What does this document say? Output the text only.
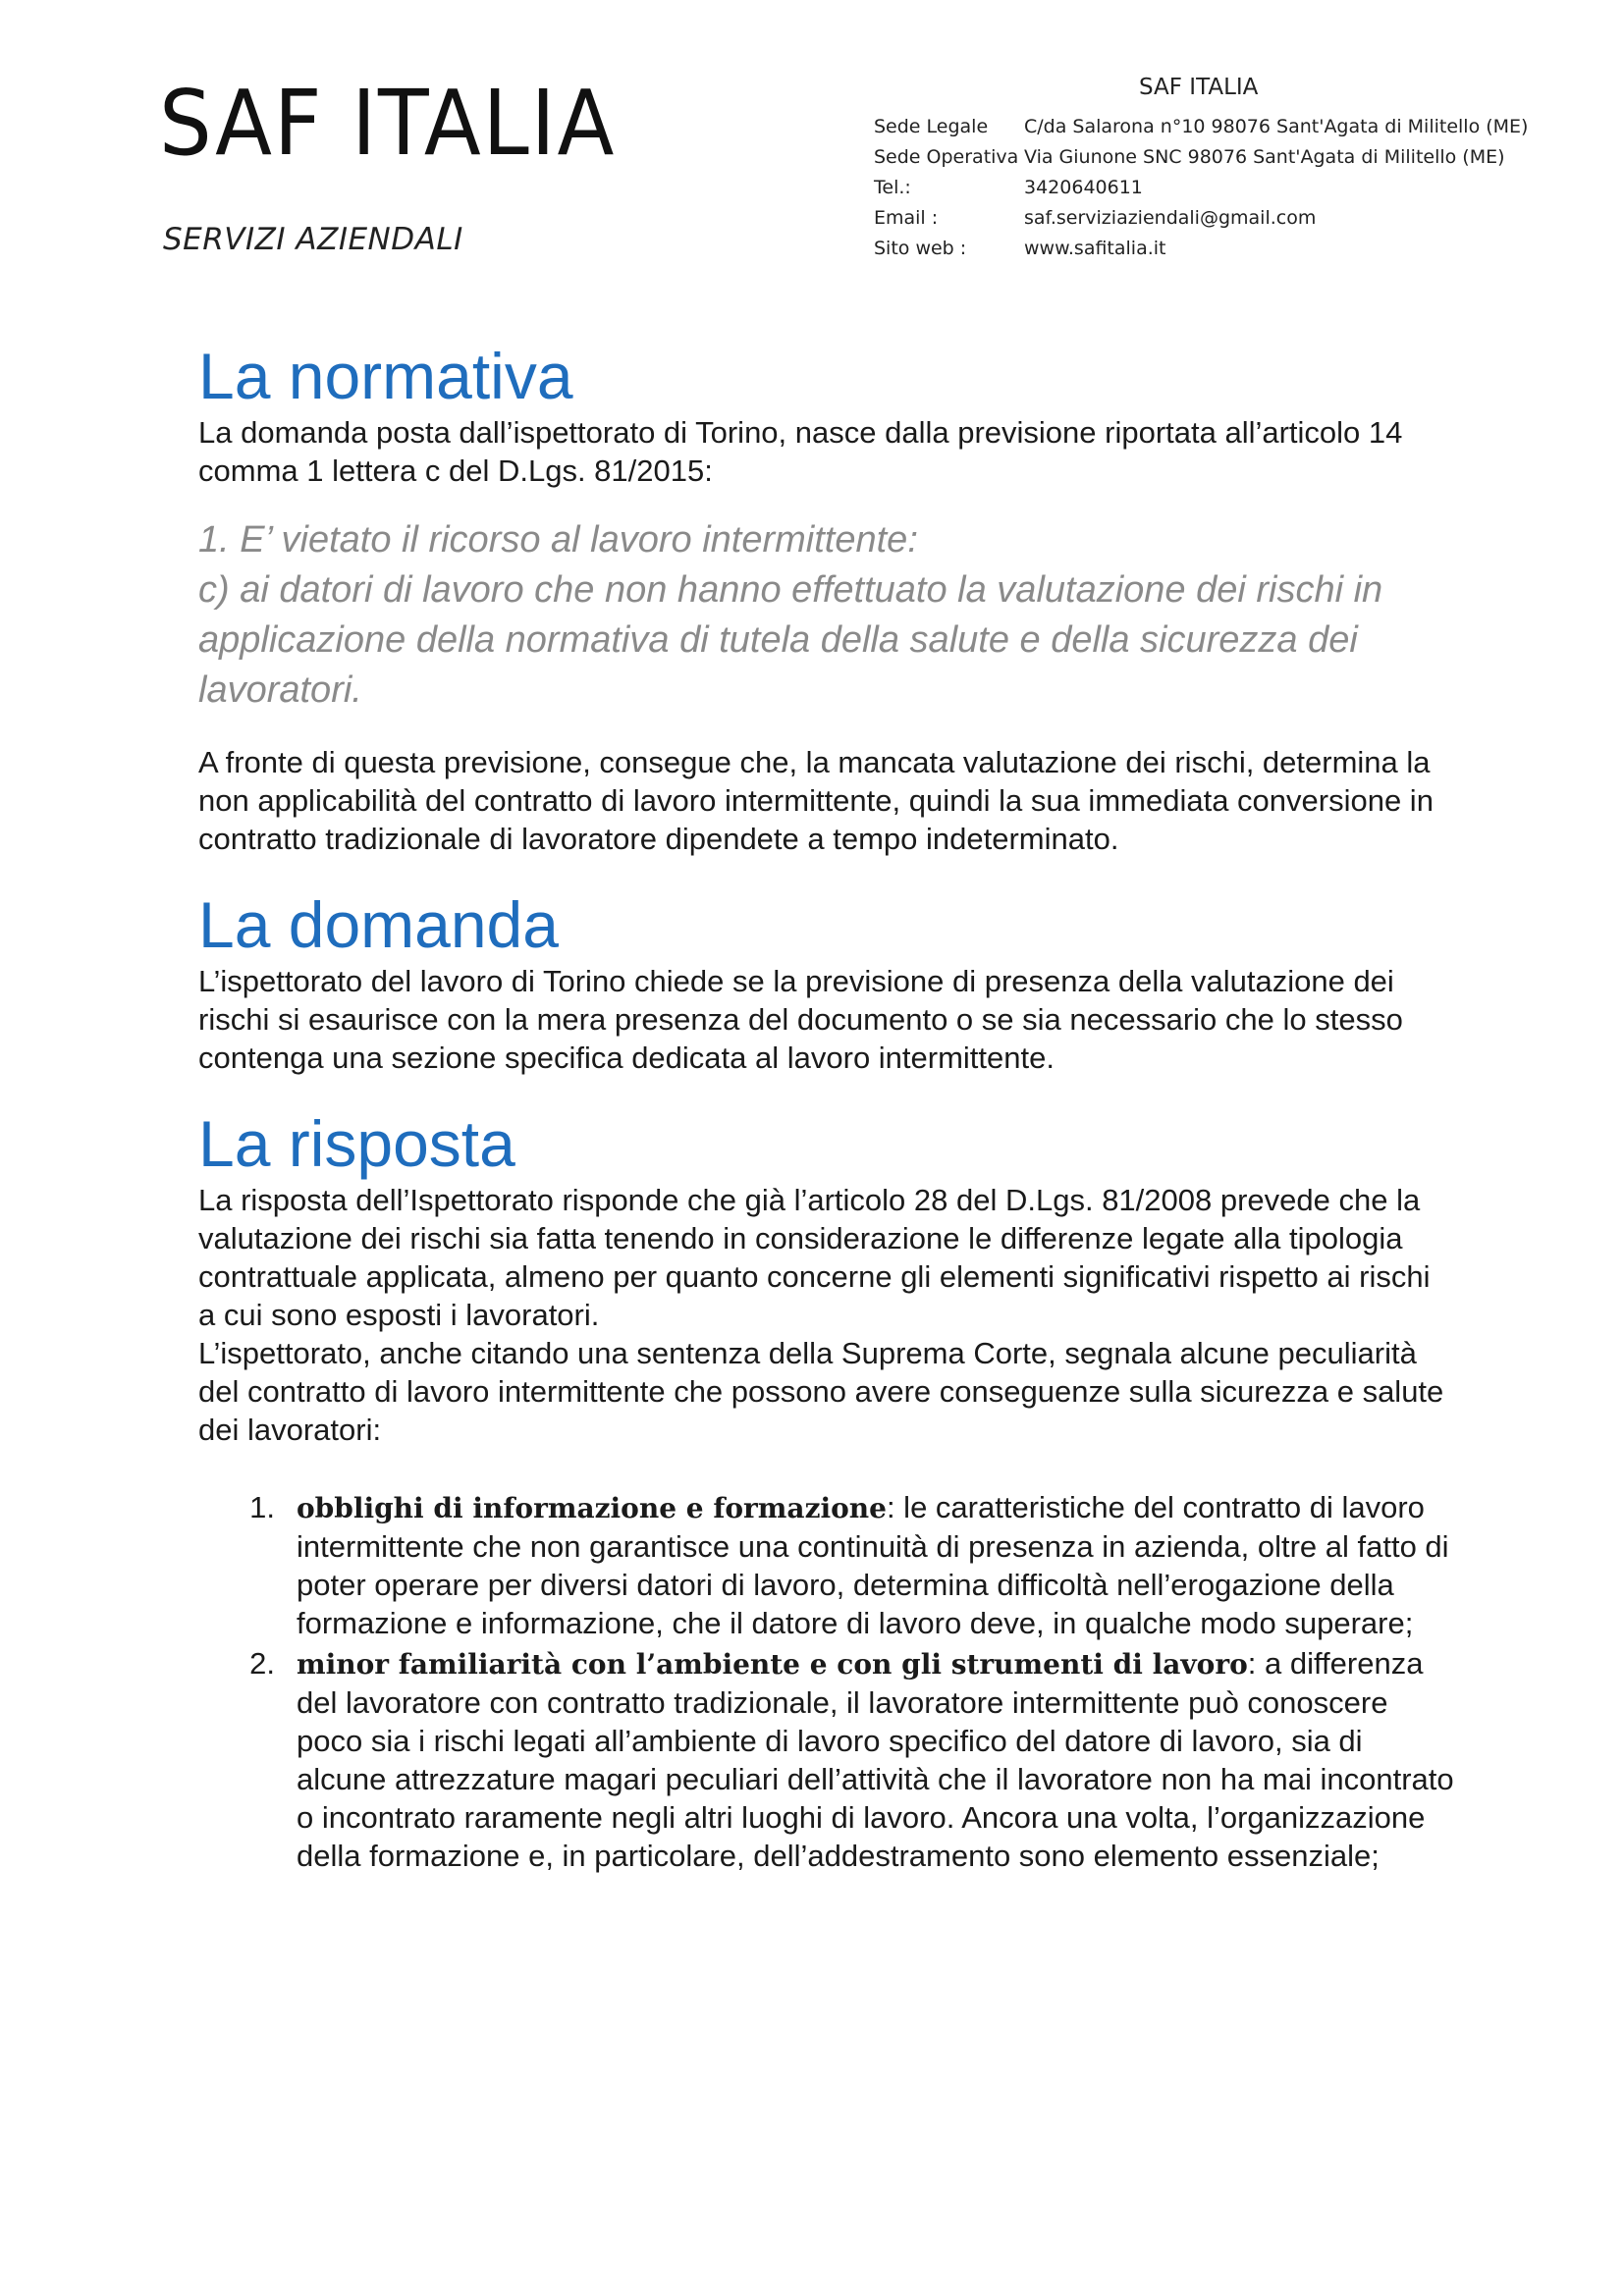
SAF ITALIA
SERVIZI AZIENDALI
SAF ITALIA
Sede Legale	C/da Salarona n°10 98076 Sant'Agata di Militello (ME)
Sede Operativa Via Giunone SNC 98076 Sant'Agata di Militello (ME)
Tel.:	3420640611
Email :	saf.serviziaziendali@gmail.com
Sito web :	www.safitalia.it
La normativa

La domanda posta dall’ispettorato di Torino, nasce dalla previsione riportata all’articolo 14 comma 1 lettera c del D.Lgs. 81/2015:

1. E’ vietato il ricorso al lavoro intermittente:
c) ai datori di lavoro che non hanno effettuato la valutazione dei rischi in applicazione della normativa di tutela della salute e della sicurezza dei lavoratori.

A fronte di questa previsione, consegue che, la mancata valutazione dei rischi, determina la non applicabilità del contratto di lavoro intermittente, quindi la sua immediata conversione in contratto tradizionale di lavoratore dipendete a tempo indeterminato.

La domanda

L’ispettorato del lavoro di Torino chiede se la previsione di presenza della valutazione dei rischi si esaurisce con la mera presenza del documento o se sia necessario che lo stesso contenga una sezione specifica dedicata al lavoro intermittente.

La risposta

La risposta dell’Ispettorato risponde che già l’articolo 28 del D.Lgs. 81/2008 prevede che la valutazione dei rischi sia fatta tenendo in considerazione le differenze legate alla tipologia contrattuale applicata, almeno per quanto concerne gli elementi significativi rispetto ai rischi a cui sono esposti i lavoratori.

L’ispettorato, anche citando una sentenza della Suprema Corte, segnala alcune peculiarità del contratto di lavoro intermittente che possono avere conseguenze sulla sicurezza e salute dei lavoratori:

1. obblighi di informazione e formazione: le caratteristiche del contratto di lavoro intermittente che non garantisce una continuità di presenza in azienda, oltre al fatto di poter operare per diversi datori di lavoro, determina difficoltà nell’erogazione della formazione e informazione, che il datore di lavoro deve, in qualche modo superare;
2. minor familiarità con l’ambiente e con gli strumenti di lavoro: a differenza del lavoratore con contratto tradizionale, il lavoratore intermittente può conoscere poco sia i rischi legati all’ambiente di lavoro specifico del datore di lavoro, sia di alcune attrezzature magari peculiari dell’attività che il lavoratore non ha mai incontrato o incontrato raramente negli altri luoghi di lavoro. Ancora una volta, l’organizzazione della formazione e, in particolare, dell’addestramento sono elemento essenziale;
